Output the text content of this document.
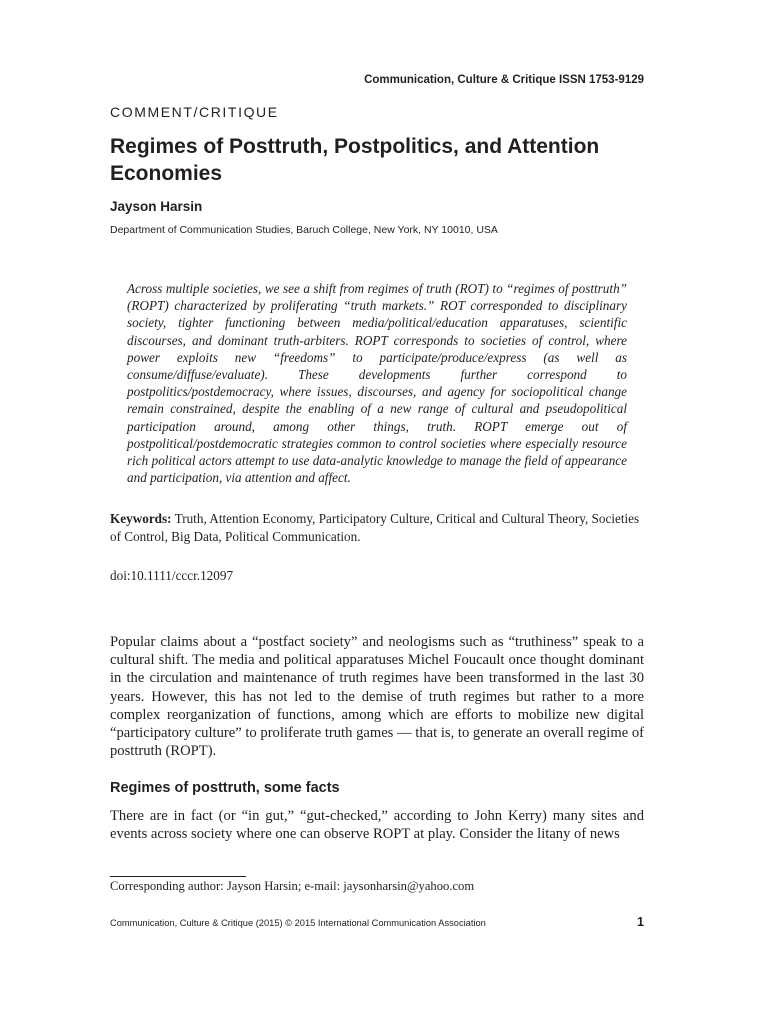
Communication, Culture & Critique ISSN 1753-9129
COMMENT/CRITIQUE
Regimes of Posttruth, Postpolitics, and Attention Economies
Jayson Harsin
Department of Communication Studies, Baruch College, New York, NY 10010, USA

Across multiple societies, we see a shift from regimes of truth (ROT) to “regimes of posttruth” (ROPT) characterized by proliferating “truth markets.” ROT corresponded to disciplinary society, tighter functioning between media/political/education apparatuses, scientific discourses, and dominant truth-arbiters. ROPT corresponds to societies of control, where power exploits new “freedoms” to participate/produce/express (as well as consume/diffuse/evaluate). These developments further correspond to postpolitics/postdemocracy, where issues, discourses, and agency for sociopolitical change remain constrained, despite the enabling of a new range of cultural and pseudopolitical participation around, among other things, truth. ROPT emerge out of postpolitical/postdemocratic strategies common to control societies where especially resource rich political actors attempt to use data-analytic knowledge to manage the field of appearance and participation, via attention and affect.

Keywords: Truth, Attention Economy, Participatory Culture, Critical and Cultural Theory, Societies of Control, Big Data, Political Communication.

doi:10.1111/cccr.12097

Popular claims about a “postfact society” and neologisms such as “truthiness” speak to a cultural shift. The media and political apparatuses Michel Foucault once thought dominant in the circulation and maintenance of truth regimes have been transformed in the last 30 years. However, this has not led to the demise of truth regimes but rather to a more complex reorganization of functions, among which are efforts to mobilize new digital “participatory culture” to proliferate truth games — that is, to generate an overall regime of posttruth (ROPT).

Regimes of posttruth, some facts

There are in fact (or “in gut,” “gut-checked,” according to John Kerry) many sites and events across society where one can observe ROPT at play. Consider the litany of news

Corresponding author: Jayson Harsin; e-mail: jaysonharsin@yahoo.com
Communication, Culture & Critique (2015) © 2015 International Communication Association	1
